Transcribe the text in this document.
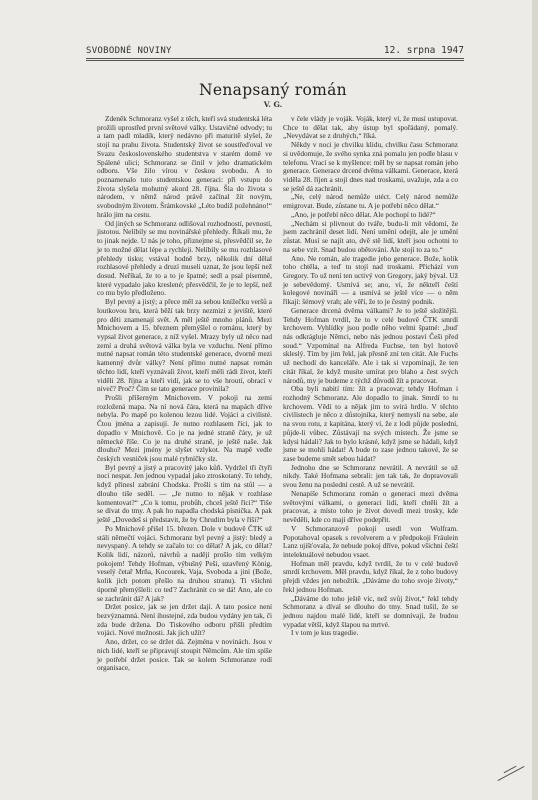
SVOBODNÉ NOVINY	12. srpna 1947
Nenapsaný román
V. G.

Zdeněk Schmoranz vyšel z těch, kteří svá studentská léta prožili uprostřed první světové války. Ustavičné odvody; tu a tam padl mladík, který nedávno při maturitě slyšel, že stojí na prahu života. Studentský život se soustřeďoval ve Svazu československého studentstva v starém domě ve Spálené ulici; Schmoranz se činil v jeho dramatickém odboru. Vše žilo vírou v českou svobodu. A to poznamenalo tuto studentskou generaci: při vstupu do života slyšela mohutný akord 28. října. Šla do života s národem, v němž národ právě začínal žít novým, svobodným životem. Šrámkovské „Léto budiž požehnáno!“ hrálo jim na cestu.

Od jiných se Schmoranz odlišoval rozhodností, pevností, jistotou. Nelíbily se mu novinářské přehledy. Říkali mu, že to jinak nejde. U nás je toho, přiznejme si, přesvědčil se, že je to možné dělat lépe a rychleji. Nelíbily se mu rozhlasové přehledy tisku; vstával hodně brzy, několik dní dělal rozhlasové přehledy a druzí museli uznat, že jsou lepší než dosud. Neříkal, že to a to je špatné; sedl a psal písemně, které vypadalo jako kreslené; přesvědčil, že je to lepší, než co mu bylo předloženo.

Byl pevný a jistý; a přece měl za sebou knížečku veršů a loutkovou hru, která běží tak brzy nezmizí z jeviště, které pro děti znamenají svět. A měl ještě mnoho plánů. Mezi Mnichovem a 15. březnem přemýšlel o románu, který by vypsal život generace, z níž vyšel. Mrazy byly už něco nad zemí a druhá světová válka byla ve vzduchu. Není přímo nutné napsat román této studentské generace, dvorně mezi kamenný dvůr války? Není přímo nutné napsat román těchto lidí, kteří vyznávali život, kteří měli rádi život, kteří viděli 28. října a kteří vidí, jak se to vše hroutí, obrací v niveč? Proč? Čím se tato generace provinila?

Prošli příšerným Mnichovem. V pokoji na zemi rozložená mapa. Na ní nová čára, která na mapách dříve nebyla. Po mapě po kolenou lezou lidé. Vojáci a civilisté. Čtou jména a zapisují. Je nutno rozhlasem říci, jak to dopadlo v Mnichově. Co je na jedné straně čáry, je už německé říše. Co je na druhé straně, je ještě naše. Jak dlouho? Mezi jmény je slyšet vzlykot. Na mapě vedle českých vesniček jsou malé rybníčky slz.

Byl pevný a jistý a pracovitý jako kůň. Vydržel tři čtyři noci nespat. Jen jednou vypadal jako ztroskotaný. To tehdy, když přinesl zabrání Chodska. Prošli s tím na stůl — a dlouho tiše seděl. — „Je nutno to nějak v rozhlase komentovat?“ „Co k tomu, probůh, chceš ještě říci?“ Tiše se dívat do tmy. A pak ho napadla chodská písnička. A pak ještě „Dovedeš si představit, že by Chrudim byla v říši?“

Po Mnichově přišel 15. březen. Dole v budově ČTK už stáli němečtí vojáci. Schmoranz byl pevný a jistý: bledý a nevyspaný. A tehdy se začalo to: co dělat? A jak, co dělat? Kolik lidí, názorů, návrhů a nadějí prošlo tím velkým pokojem! Tehdy Hofman, výbušný Peši, uzavřený König, veselý četař Mrňa, Kocourek, Vaja, Svoboda a jiní (Bože, kolik jich potom přešlo na druhou stranu). Ti všichni úporně přemýšleli: co teď? Zachránit co se dá! Ano, ale co se zachránit dá? A jak?

Držet posice, jak se jen držet dají. A tato posice není bezvýznamná. Není ihostejné, zda budou vydány jen tak, či zda bude držena. Do Tiskového odboru přišli předtím vojáci. Nové možnosti. Jak jich užít?

Ano, držet, co se držet dá. Zejména v novinách. Jsou v nich lidé, kteří se připravují stoupit Němcům. Ale tím spíše je potřebí držet posice. Tak se kolem Schmoranze rodí organisace,

v čele vlády je voják. Voják, který ví, že musí ustupovat. Chce to dělat tak, aby ústup byl spořádaný, pomalý. „Nevydávat se z druhých,“ říká.

Někdy v noci je chvilku klidu, chvilku času Schmoranz si uvědomuje, že svého synka zná pomalu jen podle hlasu v telefonu. Vrací se k myšlence: měl by se napsat román jeho generace. Generace drcené dvěma válkami. Generace, která viděla 28. říjen a stojí dnes nad troskami, uvažuje, zda a co se ještě dá zachránit.

„Ne, celý národ nemůže utéct. Celý národ nemůže emigrovat. Bude, zůstane tu. A je potřebí něco dělat.“

„Ano, je potřebí něco dělat. Ale pochopí to lidé?“

„Nechám si plivnout do tváře, budu-li mít vědomí, že jsem zachránil deset lidí. Není umění odejít, ale je umění zůstat. Musí se najít ato, dvě stě lidí, kteří jsou ochotni to na sebe vzít. Snad budou obětováni. Ale stojí to za to.“

Ano. Ne román, ale tragedie jeho generace. Bože, kolik toho chtěla, a teď tu stojí nad troskami. Přichází von Gregory. To už není ten uctivý von Gregory, jaký býval. Už je sebevědomý. Usmívá se; ano, ví, že někteří čeští kolegové novináři — a usmívá se ještě více — o něm říkají: šémový vrah; ale věří, že to je čestný podnik.

Generace drcená dvěma válkami? Je to ještě složitější. Tehdy Hofman tvrdil, že to v celé budově ČTK smrdí krchovem. Vyhlídky jsou podle něho velmi špatné: „buď nás odkrágluje Němci, nebo nás jednou postaví Češi před soud.“ Vzpomínal na Alfreda Fuchse, ten byl hotově skleslý. Tím by jim řekl, jak přesně zní ten citát. Ale Fuchs už nechodí do kanceláře. Ale i tak si vzpomínají, že ten citát říkal, že když musíte umírat pro blaho a čest svých národů, my je budeme z týchž důvodů žít a pracovat.

Oba byli nabití tím: žít a pracovat; tehdy Hofman i rozhodný Schmoranz. Ale dopadlo to jinak. Smrdí to tu krchovem. Vědí to a nějak jim to svírá hrdlo. V těchto civilistech je něco z důstojníka, který nemyslí na sebe, ale na svou rotu, z kapitána, který ví, že z lodi půjde poslední, půjde-li vůbec. Zůstávají na svých místech. Že jsme se kdysi hádali? Jak to bylo krásné, když jsme se hádali, když jsme se mohli hádat! A bude to zase jednou takové, že se zase budeme smět sebou hádat?

Jednoho dne se Schmoranz nevrátil. A nevrátil se už nikdy. Také Hofmana sebrali: jen tak tak, že dopravovali svou ženu na poslední cestě. A už se nevrátil.

Nenapíše Schmoranz román o generaci mezi dvěma světovými válkami, o generaci lidí, kteří chtěli žít a pracovat, a místo toho je život dovedl mezi trosky, kde nevěděli, kde co mají dříve podepřít.

V Schmoranzově pokoji usedl von Wolfram. Popotahoval opasek s revolverem a v předpokoji Fräulein Lanz ujišťovala, že nebude pokoj dříve, pokud všichni čeští intelektuálové nebudou vsaet.

Hofman měl pravdu, když tvrdil, že to v celé budově smrdí krchovem. Měl pravdu, když říkal, že z toho budovy přejdi vždes jen nebožtík. „Dáváme do toho svoje životy,“ řekl jednou Hofman.

„Dáváme do toho ještě víc, než svůj život,“ řekl tehdy Schmoranz a díval se dlouho do tmy. Snad tušil, že se jednou najdou malé lidé, kteří se domnívají, že budou vypadat větší, když šlapou na mrtvé.

I v tom je kus tragedie.
